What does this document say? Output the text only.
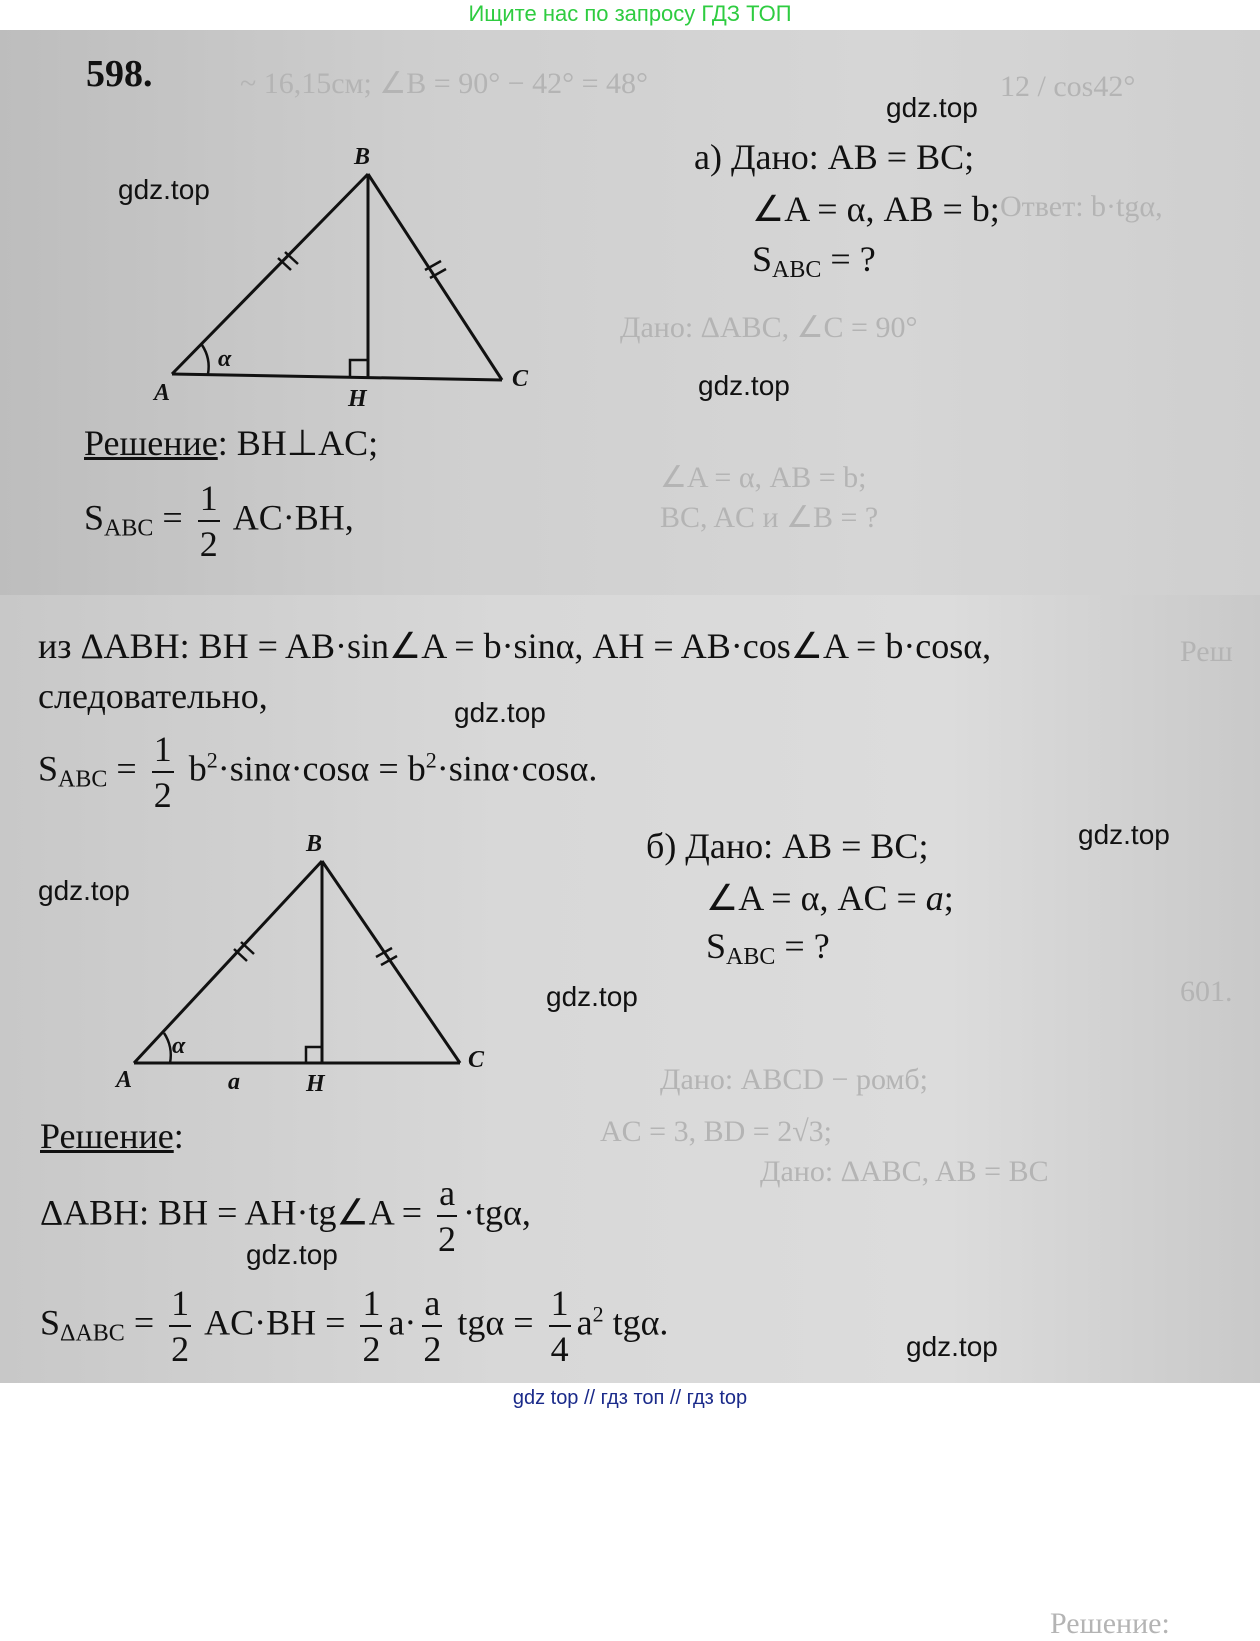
Ищите нас по запросу ГДЗ ТОП
~ 16,15см; ∠B = 90° − 42° = 48°	12 / cos42°
Ответ: b·tgα,
Дано: ΔABC, ∠C = 90°
∠A = α, AB = b;
BC, AC и ∠B = ?
598.
A
B
C
H
α
а) Дано: AB = BC;
∠A = α, AB = b;
$S_{ABC}$ = ?
Решение: BH⊥AC;
$S_{ABC} = \frac{1}{2} AC\cdot BH$,
gdz.top
gdz.top
gdz.top
Реш
601.
Дано: ABCD − ромб;
AC = 3, BD = 2√3;
Дано: ΔABC, AB = BC
Решение:
из ΔABH: BH = AB·sin∠A = b·sinα, AH = AB·cos∠A = b·cosα,
следовательно,
$S_{ABC} = \frac{1}{2} b^2\cdot\sin\alpha\cdot\cos\alpha = b^2\cdot\sin\alpha\cdot\cos\alpha$.
A
B
C
H
α
a
б) Дано: AB = BC;
∠A = α, AC = a;
$S_{ABC}$ = ?
Решение:
ΔABH: BH = AH·tg∠A = $\frac{a}{2} \cdot tg\alpha$,
$S_{\Delta ABC} = \frac{1}{2} AC\cdot BH = \frac{1}{2} a\cdot \frac{a}{2}$ $tg\alpha = \frac{1}{4} a^2$ tgα.
gdz.top
gdz.top
gdz.top
gdz.top
gdz.top
gdz.top
gdz top // гдз топ // гдз top
